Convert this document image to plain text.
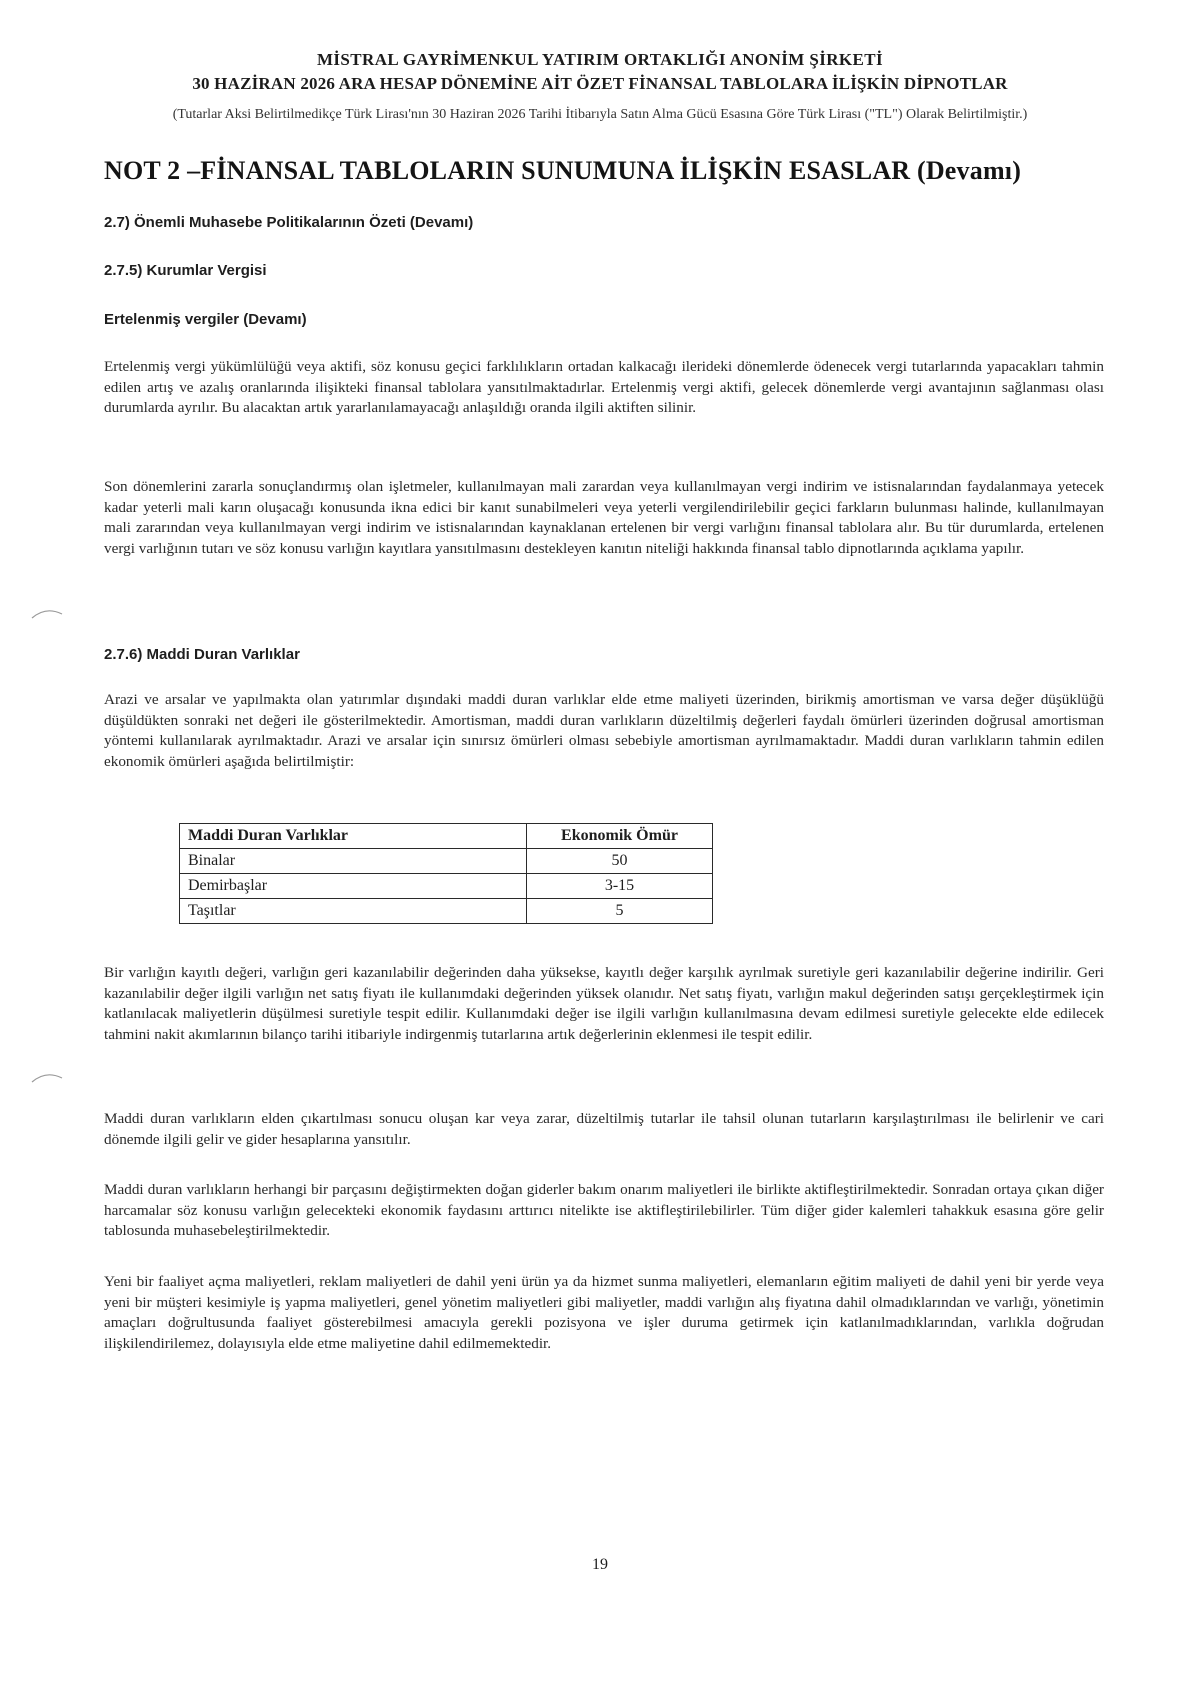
MİSTRAL GAYRİMENKUL YATIRIM ORTAKLIĞI ANONİM ŞİRKETİ
30 HAZİRAN 2026 ARA HESAP DÖNEMİNE AİT ÖZET FİNANSAL TABLOLARA İLİŞKİN DİPNOTLAR
(Tutarlar Aksi Belirtilmedikçe Türk Lirası'nın 30 Haziran 2026 Tarihi İtibarıyla Satın Alma Gücü Esasına Göre Türk Lirası ("TL") Olarak Belirtilmiştir.)
NOT 2 –FİNANSAL TABLOLARIN SUNUMUNA İLİŞKİN ESASLAR (Devamı)
2.7) Önemli Muhasebe Politikalarının Özeti (Devamı)
2.7.5) Kurumlar Vergisi
Ertelenmiş vergiler (Devamı)
Ertelenmiş vergi yükümlülüğü veya aktifi, söz konusu geçici farklılıkların ortadan kalkacağı ilerideki dönemlerde ödenecek vergi tutarlarında yapacakları tahmin edilen artış ve azalış oranlarında ilişikteki finansal tablolara yansıtılmaktadırlar. Ertelenmiş vergi aktifi, gelecek dönemlerde vergi avantajının sağlanması olası durumlarda ayrılır. Bu alacaktan artık yararlanılamayacağı anlaşıldığı oranda ilgili aktiften silinir.
Son dönemlerini zararla sonuçlandırmış olan işletmeler, kullanılmayan mali zarardan veya kullanılmayan vergi indirim ve istisnalarından faydalanmaya yetecek kadar yeterli mali karın oluşacağı konusunda ikna edici bir kanıt sunabilmeleri veya yeterli vergilendirilebilir geçici farkların bulunması halinde, kullanılmayan mali zararından veya kullanılmayan vergi indirim ve istisnalarından kaynaklanan ertelenen bir vergi varlığını finansal tablolara alır. Bu tür durumlarda, ertelenen vergi varlığının tutarı ve söz konusu varlığın kayıtlara yansıtılmasını destekleyen kanıtın niteliği hakkında finansal tablo dipnotlarında açıklama yapılır.
2.7.6) Maddi Duran Varlıklar
Arazi ve arsalar ve yapılmakta olan yatırımlar dışındaki maddi duran varlıklar elde etme maliyeti üzerinden, birikmiş amortisman ve varsa değer düşüklüğü düşüldükten sonraki net değeri ile gösterilmektedir. Amortisman, maddi duran varlıkların düzeltilmiş değerleri faydalı ömürleri üzerinden doğrusal amortisman yöntemi kullanılarak ayrılmaktadır. Arazi ve arsalar için sınırsız ömürleri olması sebebiyle amortisman ayrılmamaktadır. Maddi duran varlıkların tahmin edilen ekonomik ömürleri aşağıda belirtilmiştir:
Maddi Duran Varlıklar	Ekonomik Ömür
Binalar	50
Demirbaşlar	3-15
Taşıtlar	5
Bir varlığın kayıtlı değeri, varlığın geri kazanılabilir değerinden daha yüksekse, kayıtlı değer karşılık ayrılmak suretiyle geri kazanılabilir değerine indirilir. Geri kazanılabilir değer ilgili varlığın net satış fiyatı ile kullanımdaki değerinden yüksek olanıdır. Net satış fiyatı, varlığın makul değerinden satışı gerçekleştirmek için katlanılacak maliyetlerin düşülmesi suretiyle tespit edilir. Kullanımdaki değer ise ilgili varlığın kullanılmasına devam edilmesi suretiyle gelecekte elde edilecek tahmini nakit akımlarının bilanço tarihi itibariyle indirgenmiş tutarlarına artık değerlerinin eklenmesi ile tespit edilir.
Maddi duran varlıkların elden çıkartılması sonucu oluşan kar veya zarar, düzeltilmiş tutarlar ile tahsil olunan tutarların karşılaştırılması ile belirlenir ve cari dönemde ilgili gelir ve gider hesaplarına yansıtılır.
Maddi duran varlıkların herhangi bir parçasını değiştirmekten doğan giderler bakım onarım maliyetleri ile birlikte aktifleştirilmektedir. Sonradan ortaya çıkan diğer harcamalar söz konusu varlığın gelecekteki ekonomik faydasını arttırıcı nitelikte ise aktifleştirilebilirler. Tüm diğer gider kalemleri tahakkuk esasına göre gelir tablosunda muhasebeleştirilmektedir.
Yeni bir faaliyet açma maliyetleri, reklam maliyetleri de dahil yeni ürün ya da hizmet sunma maliyetleri, elemanların eğitim maliyeti de dahil yeni bir yerde veya yeni bir müşteri kesimiyle iş yapma maliyetleri, genel yönetim maliyetleri gibi maliyetler, maddi varlığın alış fiyatına dahil olmadıklarından ve varlığı, yönetimin amaçları doğrultusunda faaliyet gösterebilmesi amacıyla gerekli pozisyona ve işler duruma getirmek için katlanılmadıklarından, varlıkla doğrudan ilişkilendirilemez, dolayısıyla elde etme maliyetine dahil edilmemektedir.
19
